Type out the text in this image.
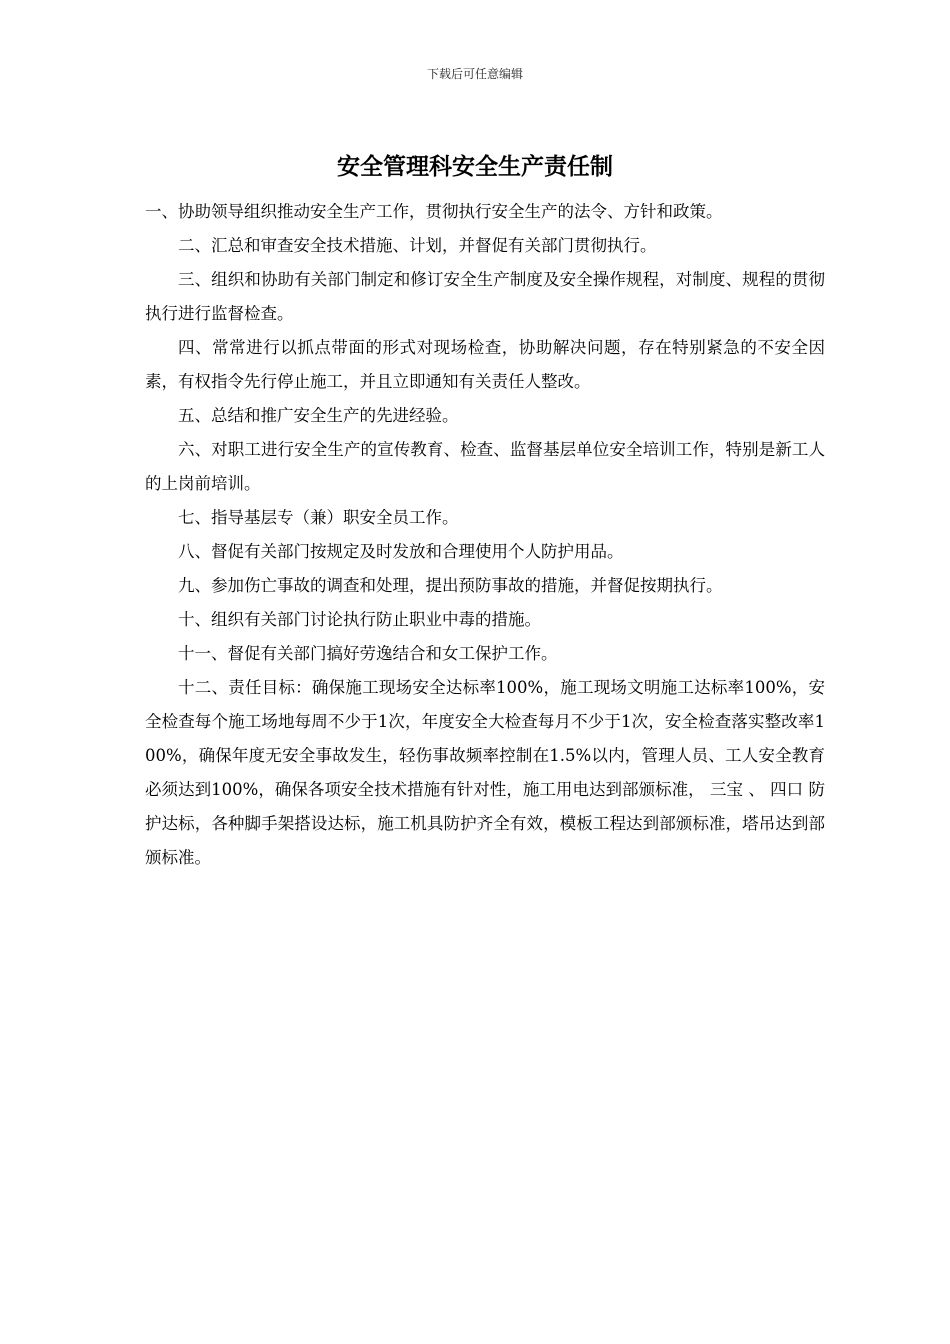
下载后可任意编辑
安全管理科安全生产责任制

一、协助领导组织推动安全生产工作，贯彻执行安全生产的法令、方针和政策。

二、汇总和审查安全技术措施、计划，并督促有关部门贯彻执行。

三、组织和协助有关部门制定和修订安全生产制度及安全操作规程，对制度、规程的贯彻执行进行监督检查。

四、常常进行以抓点带面的形式对现场检查，协助解决问题，存在特别紧急的不安全因素，有权指令先行停止施工，并且立即通知有关责任人整改。

五、总结和推广安全生产的先进经验。

六、对职工进行安全生产的宣传教育、检查、监督基层单位安全培训工作，特别是新工人的上岗前培训。

七、指导基层专（兼）职安全员工作。

八、督促有关部门按规定及时发放和合理使用个人防护用品。

九、参加伤亡事故的调查和处理，提出预防事故的措施，并督促按期执行。

十、组织有关部门讨论执行防止职业中毒的措施。

十一、督促有关部门搞好劳逸结合和女工保护工作。

十二、责任目标：确保施工现场安全达标率100%，施工现场文明施工达标率100%，安全检查每个施工场地每周不少于1次，年度安全大检查每月不少于1次，安全检查落实整改率100%，确保年度无安全事故发生，轻伤事故频率控制在1.5%以内，管理人员、工人安全教育必须达到100%，确保各项安全技术措施有针对性，施工用电达到部颁标准， 三宝 、 四口 防护达标，各种脚手架搭设达标，施工机具防护齐全有效，模板工程达到部颁标准，塔吊达到部颁标准。
